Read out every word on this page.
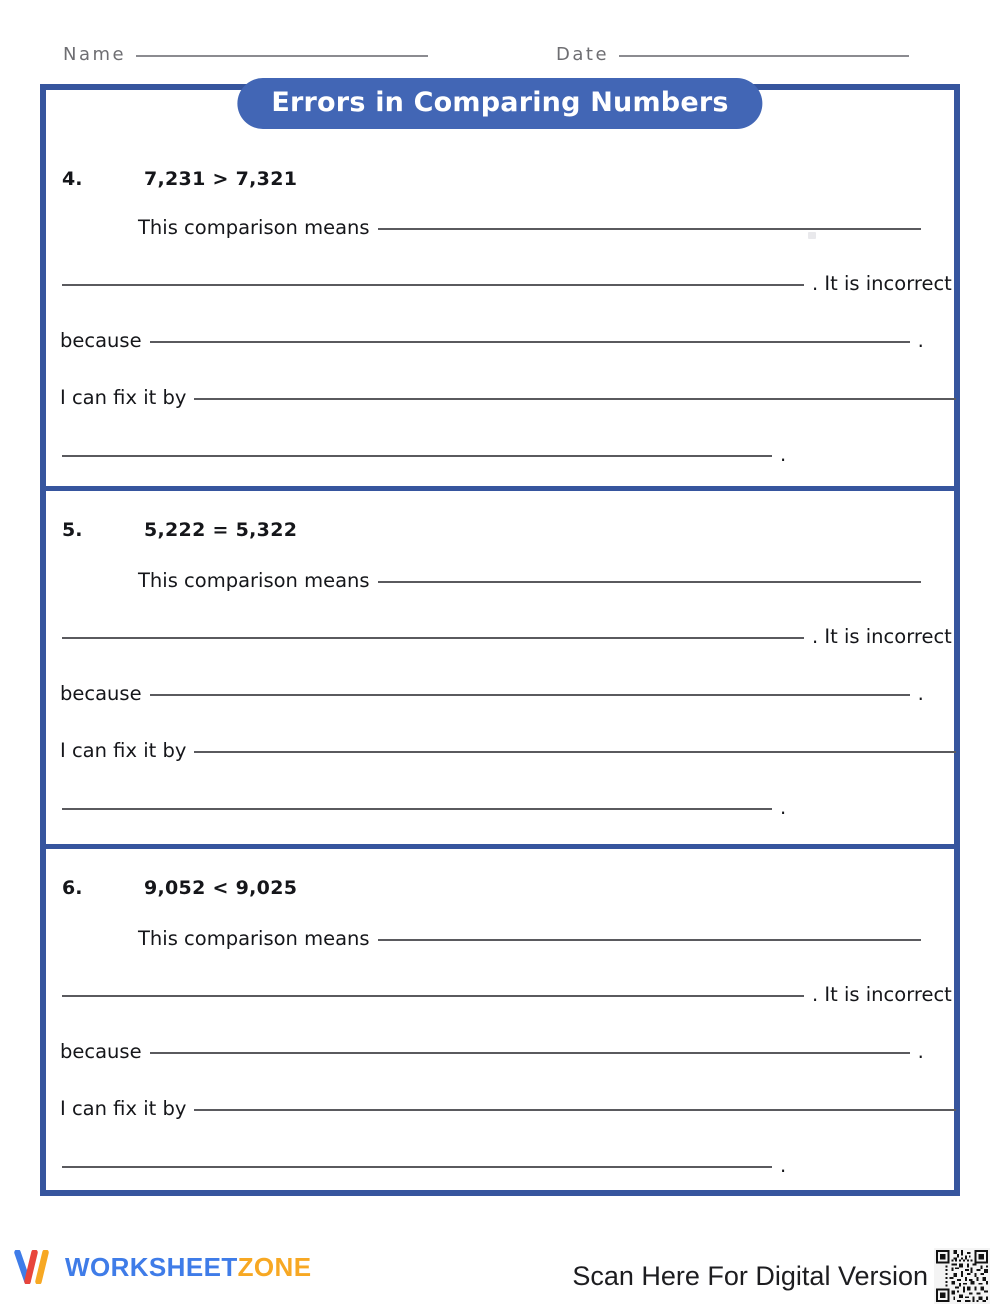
Name	Date
4.	7,231 > 7,321
This comparison means
. It is incorrect
because	.
I can fix it by
.
5.	5,222 = 5,322
This comparison means
. It is incorrect
because	.
I can fix it by
.
6.	9,052 < 9,025
This comparison means
. It is incorrect
because	.
I can fix it by
.
Errors in Comparing Numbers
WORKSHEETZONE	Scan Here For Digital Version
